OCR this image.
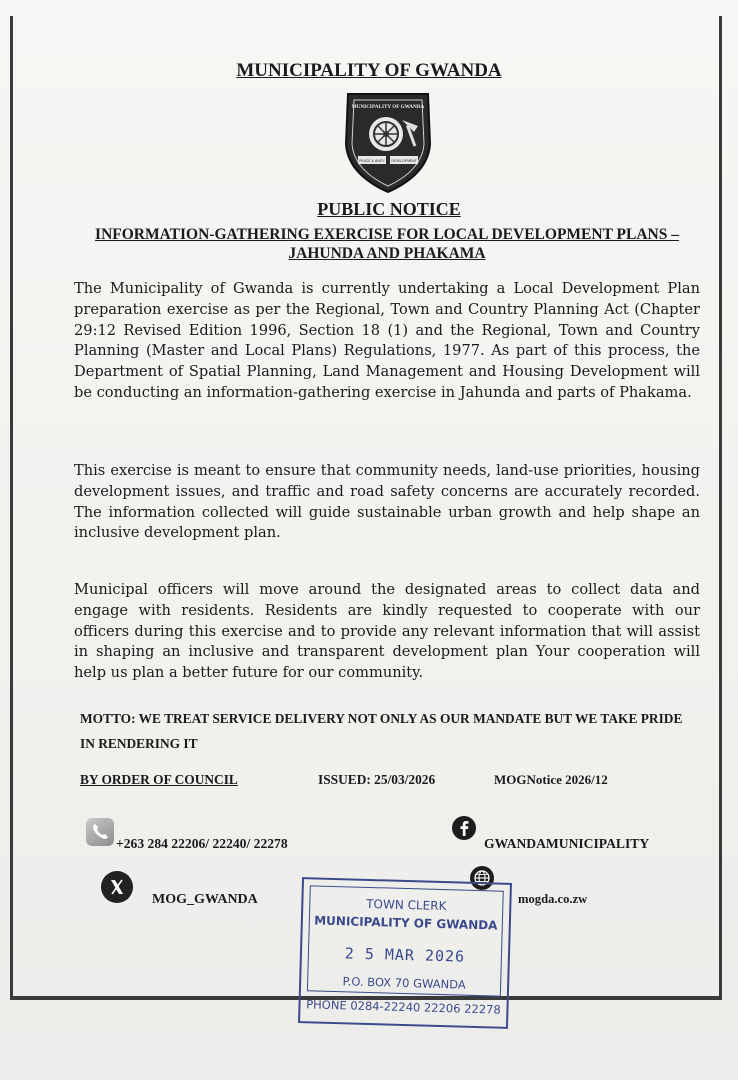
MUNICIPALITY OF GWANDA
MUNICIPALITY OF GWANDA
PEACE & UNITY DEVELOPMENT
PUBLIC NOTICE
INFORMATION-GATHERING EXERCISE FOR LOCAL DEVELOPMENT PLANS –
JAHUNDA AND PHAKAMA
The Municipality of Gwanda is currently undertaking a Local Development Plan preparation exercise as per the Regional, Town and Country Planning Act (Chapter 29:12 Revised Edition 1996, Section 18 (1) and the Regional, Town and Country Planning (Master and Local Plans) Regulations, 1977. As part of this process, the Department of Spatial Planning, Land Management and Housing Development will be conducting an information-gathering exercise in Jahunda and parts of Phakama.
This exercise is meant to ensure that community needs, land-use priorities, housing development issues, and traffic and road safety concerns are accurately recorded. The information collected will guide sustainable urban growth and help shape an inclusive development plan.
Municipal officers will move around the designated areas to collect data and engage with residents. Residents are kindly requested to cooperate with our officers during this exercise and to provide any relevant information that will assist in shaping an inclusive and transparent development plan Your cooperation will help us plan a better future for our community.
MOTTO: WE TREAT SERVICE DELIVERY NOT ONLY AS OUR MANDATE BUT WE TAKE PRIDE IN RENDERING IT
BY ORDER OF COUNCIL	ISSUED: 25/03/2026	MOGNotice 2026/12
+263 284 22206/ 22240/ 22278	GWANDAMUNICIPALITY
MOG_GWANDA	mogda.co.zw
TOWN CLERK
MUNICIPALITY OF GWANDA
2 5 MAR 2026
P.O. BOX 70 GWANDA
PHONE 0284-22240 22206 22278
